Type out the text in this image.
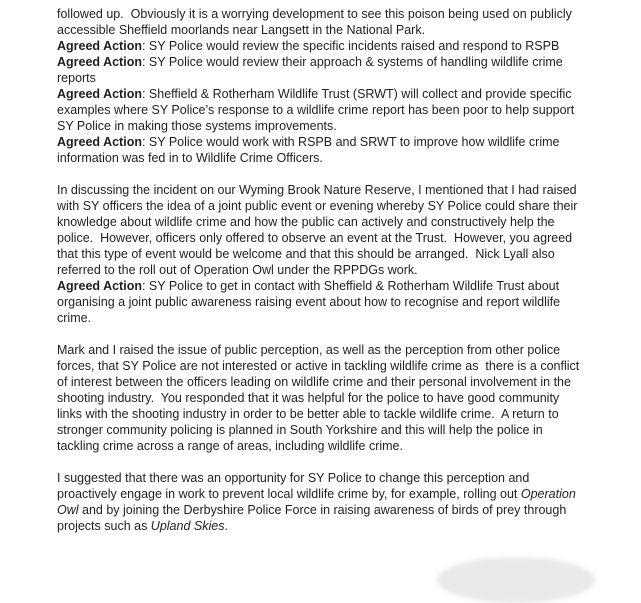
followed up.  Obviously it is a worrying development to see this poison being used on publicly
accessible Sheffield moorlands near Langsett in the National Park.
Agreed Action: SY Police would review the specific incidents raised and respond to RSPB
Agreed Action: SY Police would review their approach & systems of handling wildlife crime
reports
Agreed Action: Sheffield & Rotherham Wildlife Trust (SRWT) will collect and provide specific
examples where SY Police’s response to a wildlife crime report has been poor to help support
SY Police in making those systems improvements.
Agreed Action: SY Police would work with RSPB and SRWT to improve how wildlife crime
information was fed in to Wildlife Crime Officers.
In discussing the incident on our Wyming Brook Nature Reserve, I mentioned that I had raised
with SY officers the idea of a joint public event or evening whereby SY Police could share their
knowledge about wildlife crime and how the public can actively and constructively help the
police.  However, officers only offered to observe an event at the Trust.  However, you agreed
that this type of event would be welcome and that this should be arranged.  Nick Lyall also
referred to the roll out of Operation Owl under the RPPDGs work.
Agreed Action: SY Police to get in contact with Sheffield & Rotherham Wildlife Trust about
organising a joint public awareness raising event about how to recognise and report wildlife
crime.
Mark and I raised the issue of public perception, as well as the perception from other police
forces, that SY Police are not interested or active in tackling wildlife crime as  there is a conflict
of interest between the officers leading on wildlife crime and their personal involvement in the
shooting industry.  You responded that it was helpful for the police to have good community
links with the shooting industry in order to be better able to tackle wildlife crime.  A return to
stronger community policing is planned in South Yorkshire and this will help the police in
tackling crime across a range of areas, including wildlife crime.
I suggested that there was an opportunity for SY Police to change this perception and
proactively engage in work to prevent local wildlife crime by, for example, rolling out Operation
Owl and by joining the Derbyshire Police Force in raising awareness of birds of prey through
projects such as Upland Skies.
